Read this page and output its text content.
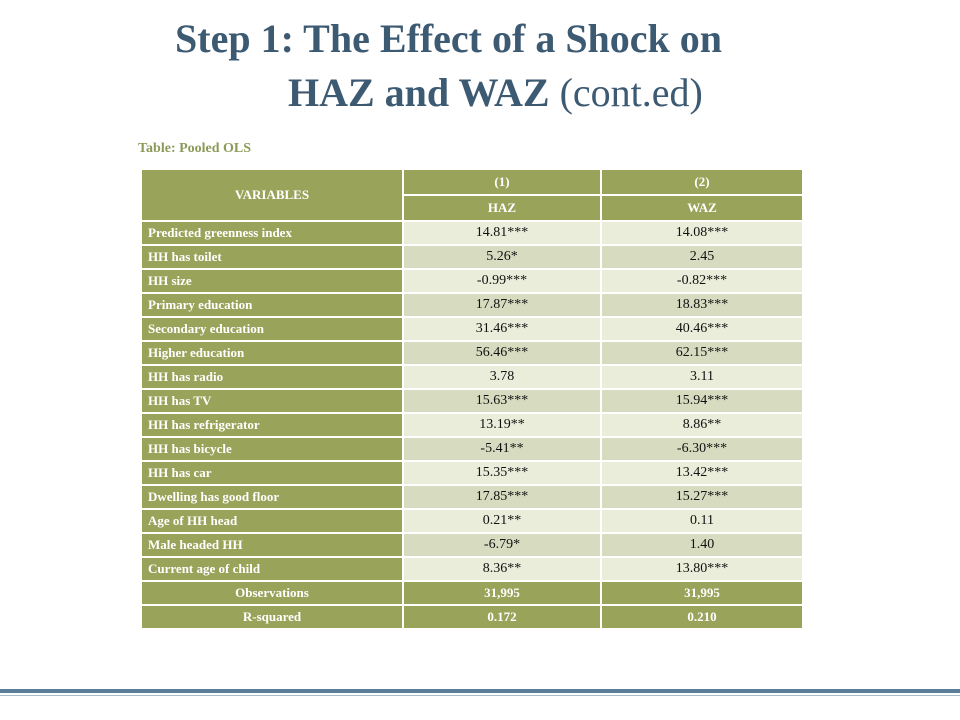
Step 1: The Effect of a Shock on
HAZ and WAZ (cont.ed)
Table: Pooled OLS
VARIABLES	(1)	(2)
	HAZ	WAZ
Predicted greenness index	14.81***	14.08***
HH has toilet	5.26*	2.45
HH size	-0.99***	-0.82***
Primary education	17.87***	18.83***
Secondary education	31.46***	40.46***
Higher education	56.46***	62.15***
HH has radio	3.78	3.11
HH has TV	15.63***	15.94***
HH has refrigerator	13.19**	8.86**
HH has bicycle	-5.41**	-6.30***
HH has car	15.35***	13.42***
Dwelling has good floor	17.85***	15.27***
Age of HH head	0.21**	0.11
Male headed HH	-6.79*	1.40
Current age of child	8.36**	13.80***
Observations	31,995	31,995
R-squared	0.172	0.210
